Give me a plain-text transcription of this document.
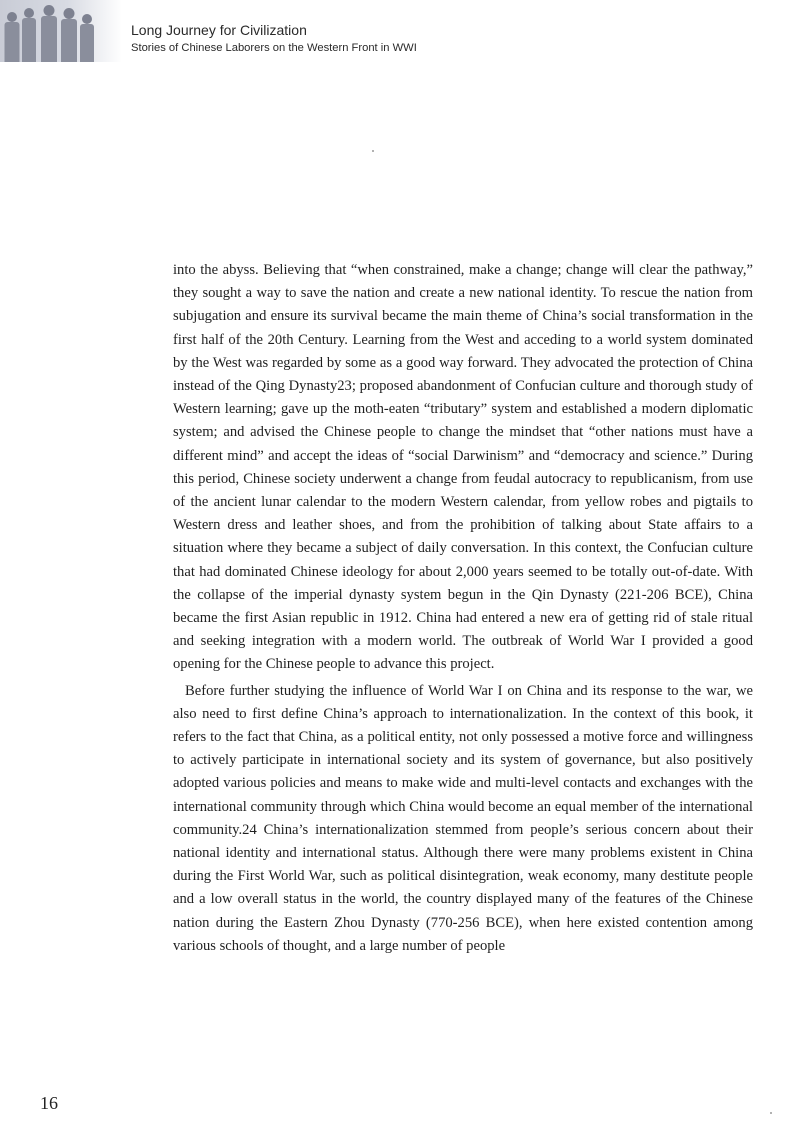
Long Journey for Civilization
Stories of Chinese Laborers on the Western Front in WWI

into the abyss. Believing that “when constrained, make a change; change will clear the pathway,” they sought a way to save the nation and create a new national identity. To rescue the nation from subjugation and ensure its survival became the main theme of China’s social transformation in the first half of the 20th Century. Learning from the West and acceding to a world system dominated by the West was regarded by some as a good way forward. They advocated the protection of China instead of the Qing Dynasty23; proposed abandonment of Confucian culture and thorough study of Western learning; gave up the moth-eaten “tributary” system and established a modern diplomatic system; and advised the Chinese people to change the mindset that “other nations must have a different mind” and accept the ideas of “social Darwinism” and “democracy and science.” During this period, Chinese society underwent a change from feudal autocracy to republicanism, from use of the ancient lunar calendar to the modern Western calendar, from yellow robes and pigtails to Western dress and leather shoes, and from the prohibition of talking about State affairs to a situation where they became a subject of daily conversation. In this context, the Confucian culture that had dominated Chinese ideology for about 2,000 years seemed to be totally out-of-date. With the collapse of the imperial dynasty system begun in the Qin Dynasty (221-206 BCE), China became the first Asian republic in 1912. China had entered a new era of getting rid of stale ritual and seeking integration with a modern world. The outbreak of World War I provided a good opening for the Chinese people to advance this project.

Before further studying the influence of World War I on China and its response to the war, we also need to first define China’s approach to internationalization. In the context of this book, it refers to the fact that China, as a political entity, not only possessed a motive force and willingness to actively participate in international society and its system of governance, but also positively adopted various policies and means to make wide and multi-level contacts and exchanges with the international community through which China would become an equal member of the international community.24 China’s internationalization stemmed from people’s serious concern about their national identity and international status. Although there were many problems existent in China during the First World War, such as political disintegration, weak economy, many destitute people and a low overall status in the world, the country displayed many of the features of the Chinese nation during the Eastern Zhou Dynasty (770-256 BCE), when here existed contention among various schools of thought, and a large number of people

16
